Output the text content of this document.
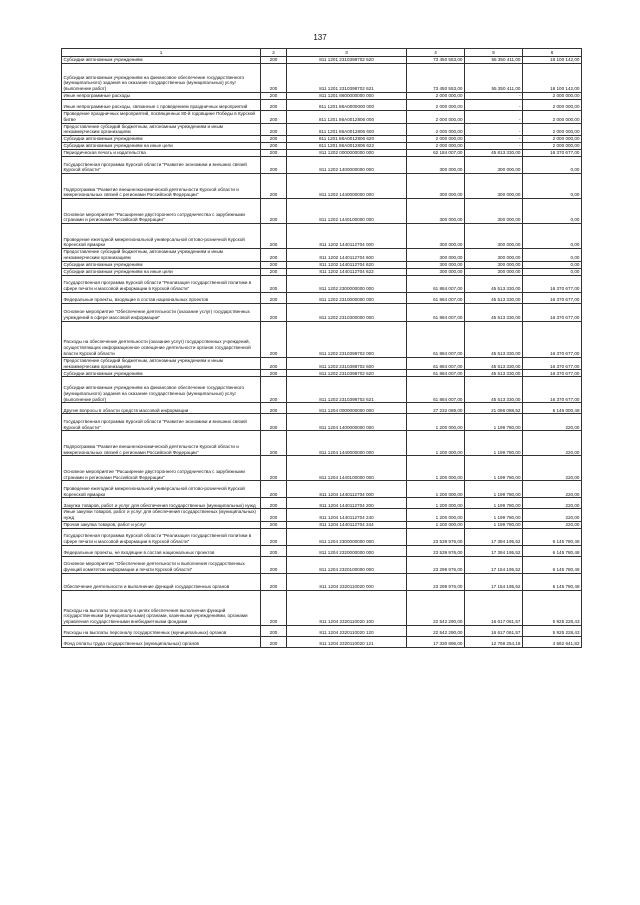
137
1	2	3	4	5	6
Субсидии автономным учреждениям	200	811 1201 2310398702 620	73 450 553,00	55 350 411,00	18 100 142,00
Субсидии автономным учреждениям на финансовое обеспечение государственного (муниципального) задания на оказание государственных (муниципальных) услуг (выполнение работ)	200	811 1201 2310398702 621	73 450 553,00	55 350 411,00	18 100 142,00
Иные непрограммные расходы	200	811 1201 8600000000 000	2 000 000,00	-	2 000 000,00
Иные непрограммные расходы, связанные с проведением праздничных мероприятий	200	811 1201 86А0000000 000	2 000 000,00	-	2 000 000,00
Проведение праздничных мероприятий, посвященных 80-й годовщине Победы в Курской битве	200	811 1201 86А0012806 000	2 000 000,00	-	2 000 000,00
Предоставление субсидий бюджетным, автономным учреждениям и иным некоммерческим организациям	200	811 1201 86А0012806 600	2 000 000,00	-	2 000 000,00
Субсидии автономным учреждениям	200	811 1201 86А0012806 620	2 000 000,00	-	2 000 000,00
Субсидии автономным учреждениям на иные цели	200	811 1201 86А0012806 622	2 000 000,00	-	2 000 000,00
Периодическая печать и издательства	200	811 1202 0000000000 000	62 184 007,00	45 813 330,00	16 370 677,00
Государственная программа Курской области "Развитие экономики и внешних связей Курской области"	200	811 1202 1400000000 000	300 000,00	300 000,00	0,00
Подпрограмма "Развитие внешнеэкономической деятельности Курской области и межрегиональных связей с регионами Российской Федерации"	200	811 1202 1440000000 000	300 000,00	300 000,00	0,00
Основное мероприятие "Расширение двустороннего сотрудничества с зарубежными странами и регионами Российской Федерации"	200	811 1202 1440100000 000	300 000,00	300 000,00	0,00
Проведение ежегодной межрегиональной универсальной оптово-розничной Курской Коренской ярмарки	200	811 1202 1440112704 000	300 000,00	300 000,00	0,00
Предоставление субсидий бюджетным, автономным учреждениям и иным некоммерческим организациям	200	811 1202 1440112704 600	300 000,00	300 000,00	0,00
Субсидии автономным учреждениям	200	811 1202 1440112704 620	300 000,00	300 000,00	0,00
Субсидии автономным учреждениям на иные цели	200	811 1202 1440112704 622	300 000,00	300 000,00	0,00
Государственная программа Курской области "Реализация государственной политики в сфере печати и массовой информации в Курской области"	200	811 1202 2300000000 000	61 884 007,00	45 513 330,00	16 370 677,00
Федеральные проекты, входящие в состав национальных проектов	200	811 1202 2310000000 000	61 884 007,00	45 513 330,00	16 370 677,00
Основное мероприятие "Обеспечение деятельности (оказание услуг) государственных учреждений в сфере массовой информации"	200	811 1202 2310300000 000	61 884 007,00	45 513 330,00	16 370 677,00
Расходы на обеспечение деятельности (оказание услуг) государственных учреждений, осуществляющих информационное освещение деятельности органов государственной власти Курской области	200	811 1202 2310398702 000	61 884 007,00	45 513 330,00	16 370 677,00
Предоставление субсидий бюджетным, автономным учреждениям и иным некоммерческим организациям	200	811 1202 2310398702 600	61 884 007,00	45 513 330,00	16 370 677,00
Субсидии автономным учреждениям	200	811 1202 2310398702 620	61 884 007,00	45 513 330,00	16 370 677,00
Субсидии автономным учреждениям на финансовое обеспечение государственного (муниципального) задания на оказание государственных (муниципальных) услуг (выполнение работ)	200	811 1202 2310398702 621	61 884 007,00	45 513 330,00	16 370 677,00
Другие вопросы в области средств массовой информации	200	811 1204 0000000000 000	27 232 089,00	21 086 088,52	6 146 000,48
Государственная программа Курской области "Развитие экономики и внешних связей Курской области"	200	811 1204 1400000000 000	1 200 000,00	1 199 780,00	220,00
Подпрограмма "Развитие внешнеэкономической деятельности Курской области и межрегиональных связей с регионами Российской Федерации"	200	811 1204 1440000000 000	1 200 000,00	1 199 780,00	220,00
Основное мероприятие "Расширение двустороннего сотрудничества с зарубежными странами и регионами Российской Федерации"	200	811 1204 1440100000 000	1 200 000,00	1 199 780,00	220,00
Проведение ежегодной межрегиональной универсальной оптово-розничной Курской Коренской ярмарки	200	811 1204 1440112704 000	1 200 000,00	1 199 780,00	220,00
Закупка товаров, работ и услуг для обеспечения государственных (муниципальных) нужд	200	811 1204 1440112704 200	1 200 000,00	1 199 780,00	220,00
Иные закупки товаров, работ и услуг для обеспечения государственных (муниципальных) нужд	200	811 1204 1440112704 240	1 200 000,00	1 199 780,00	220,00
Прочая закупка товаров, работ и услуг	200	811 1204 1440112704 244	1 200 000,00	1 199 780,00	220,00
Государственная программа Курской области "Реализация государственной политики в сфере печати и массовой информации в Курской области"	200	811 1204 2300000000 000	23 539 976,00	17 394 195,52	6 145 780,48
Федеральные проекты, не входящие в состав национальных проектов	200	811 1204 2320000000 000	23 539 976,00	17 394 195,52	6 145 780,48
Основное мероприятие "Обеспечение деятельности и выполнения государственных функций комитетом информации и печати Курской области"	200	811 1204 2320100000 000	23 299 976,00	17 154 195,52	6 145 780,48
Обеспечение деятельности и выполнение функций государственных органов	200	811 1204 2320110020 000	23 299 976,00	17 154 195,52	6 145 780,48
Расходы на выплаты персоналу в целях обеспечения выполнения функций государственными (муниципальными) органами, казенными учреждениями, органами управления государственными внебюджетными фондами	200	811 1204 2320110020 100	22 542 290,00	16 617 061,57	5 925 228,43
Расходы на выплаты персоналу государственных (муниципальных) органов	200	811 1204 2320110020 120	22 542 290,00	16 617 061,57	5 925 228,43
Фонд оплаты труда государственных (муниципальных) органов	200	811 1204 2320110020 121	17 330 896,00	12 768 254,18	4 562 641,82
